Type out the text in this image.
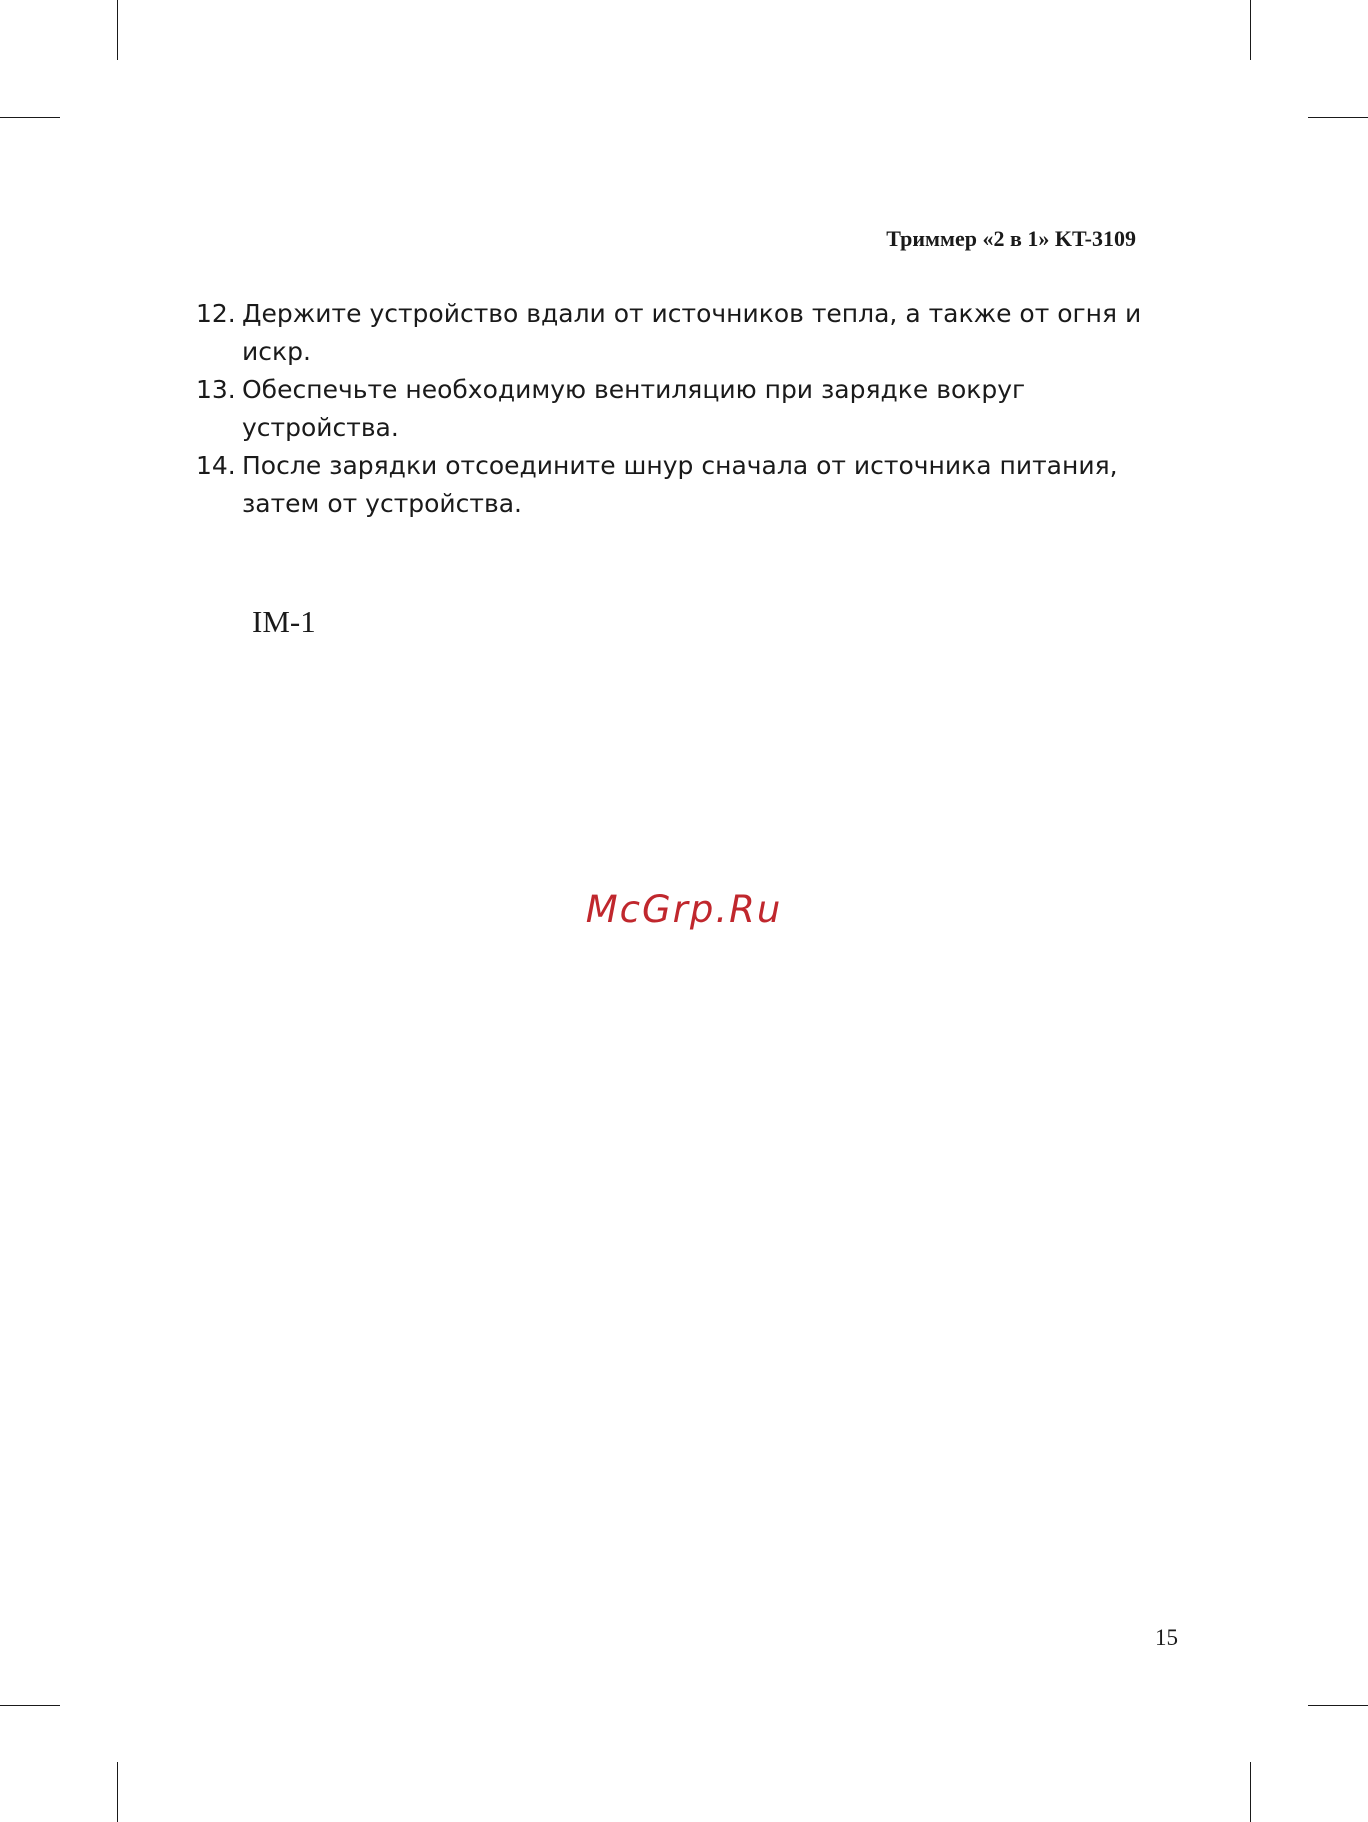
Триммер «2 в 1» KT-3109
12. Держите устройство вдали от источников тепла, а также от огня и искр.
13. Обеспечьте необходимую вентиляцию при зарядке вокруг устройства.
14. После зарядки отсоедините шнур сначала от источника питания, затем от устройства.
IM-1
McGrp.Ru
15
